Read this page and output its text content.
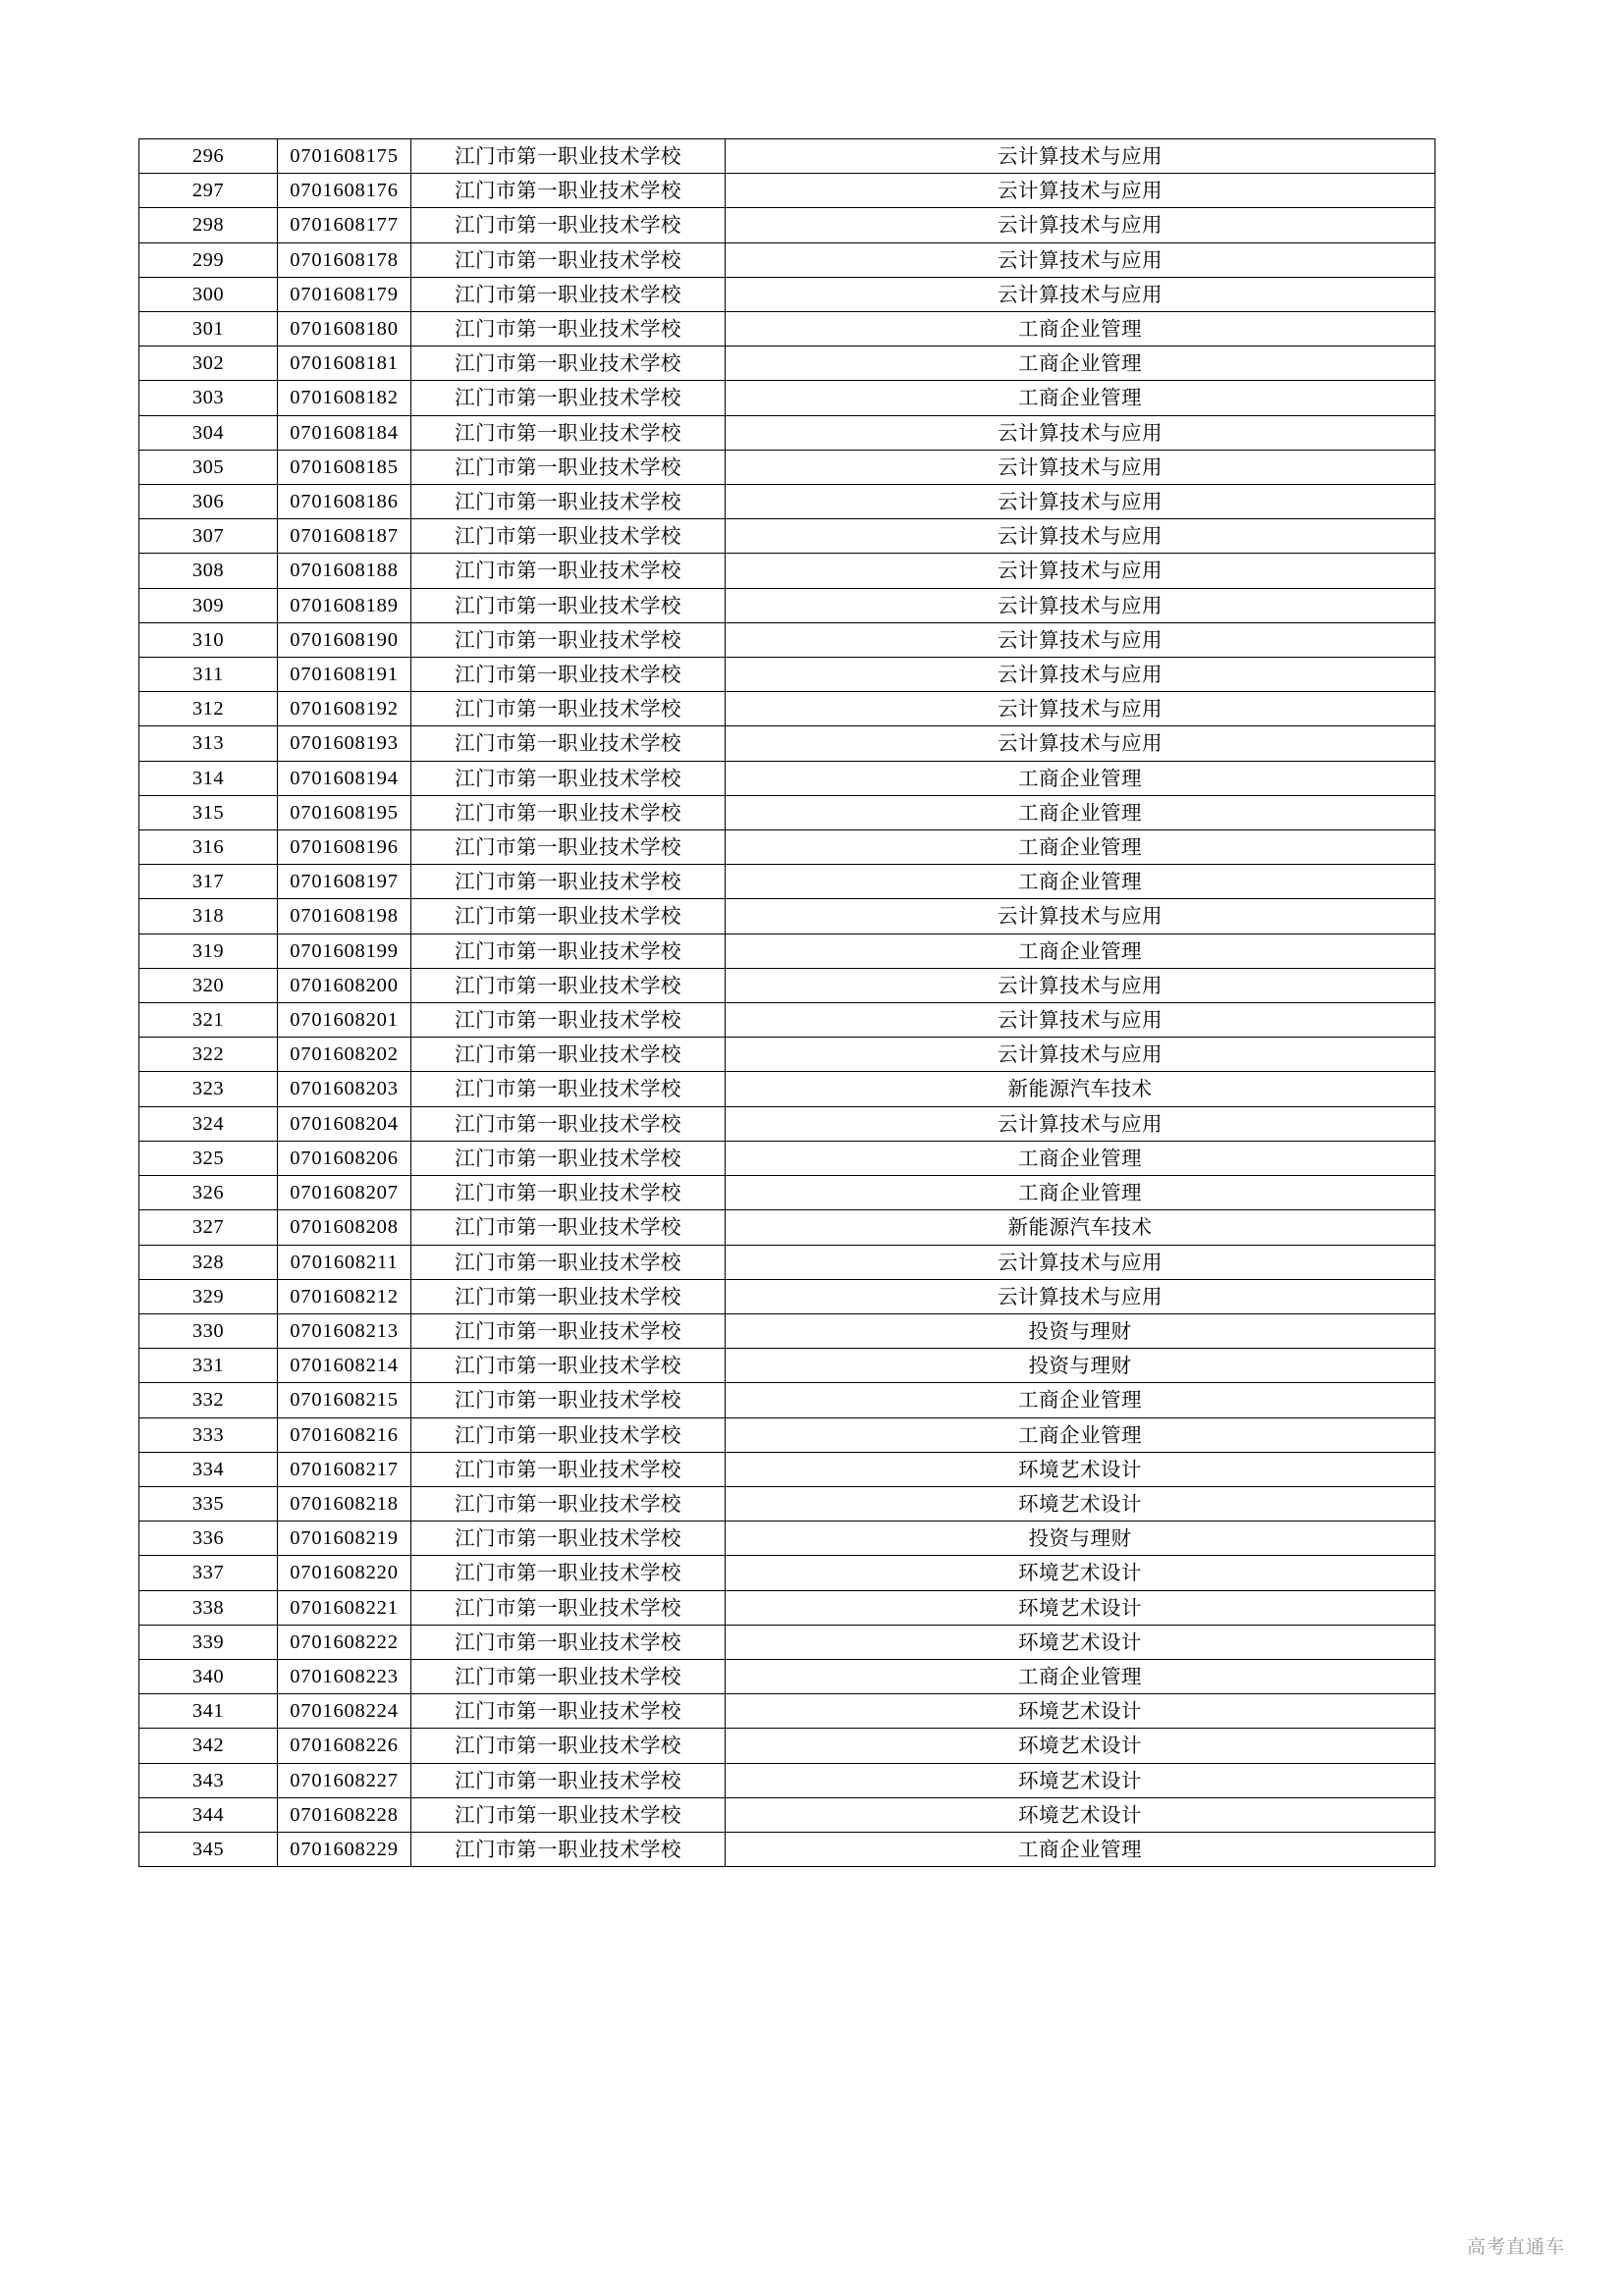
296	0701608175	江门市第一职业技术学校	云计算技术与应用
297	0701608176	江门市第一职业技术学校	云计算技术与应用
298	0701608177	江门市第一职业技术学校	云计算技术与应用
299	0701608178	江门市第一职业技术学校	云计算技术与应用
300	0701608179	江门市第一职业技术学校	云计算技术与应用
301	0701608180	江门市第一职业技术学校	工商企业管理
302	0701608181	江门市第一职业技术学校	工商企业管理
303	0701608182	江门市第一职业技术学校	工商企业管理
304	0701608184	江门市第一职业技术学校	云计算技术与应用
305	0701608185	江门市第一职业技术学校	云计算技术与应用
306	0701608186	江门市第一职业技术学校	云计算技术与应用
307	0701608187	江门市第一职业技术学校	云计算技术与应用
308	0701608188	江门市第一职业技术学校	云计算技术与应用
309	0701608189	江门市第一职业技术学校	云计算技术与应用
310	0701608190	江门市第一职业技术学校	云计算技术与应用
311	0701608191	江门市第一职业技术学校	云计算技术与应用
312	0701608192	江门市第一职业技术学校	云计算技术与应用
313	0701608193	江门市第一职业技术学校	云计算技术与应用
314	0701608194	江门市第一职业技术学校	工商企业管理
315	0701608195	江门市第一职业技术学校	工商企业管理
316	0701608196	江门市第一职业技术学校	工商企业管理
317	0701608197	江门市第一职业技术学校	工商企业管理
318	0701608198	江门市第一职业技术学校	云计算技术与应用
319	0701608199	江门市第一职业技术学校	工商企业管理
320	0701608200	江门市第一职业技术学校	云计算技术与应用
321	0701608201	江门市第一职业技术学校	云计算技术与应用
322	0701608202	江门市第一职业技术学校	云计算技术与应用
323	0701608203	江门市第一职业技术学校	新能源汽车技术
324	0701608204	江门市第一职业技术学校	云计算技术与应用
325	0701608206	江门市第一职业技术学校	工商企业管理
326	0701608207	江门市第一职业技术学校	工商企业管理
327	0701608208	江门市第一职业技术学校	新能源汽车技术
328	0701608211	江门市第一职业技术学校	云计算技术与应用
329	0701608212	江门市第一职业技术学校	云计算技术与应用
330	0701608213	江门市第一职业技术学校	投资与理财
331	0701608214	江门市第一职业技术学校	投资与理财
332	0701608215	江门市第一职业技术学校	工商企业管理
333	0701608216	江门市第一职业技术学校	工商企业管理
334	0701608217	江门市第一职业技术学校	环境艺术设计
335	0701608218	江门市第一职业技术学校	环境艺术设计
336	0701608219	江门市第一职业技术学校	投资与理财
337	0701608220	江门市第一职业技术学校	环境艺术设计
338	0701608221	江门市第一职业技术学校	环境艺术设计
339	0701608222	江门市第一职业技术学校	环境艺术设计
340	0701608223	江门市第一职业技术学校	工商企业管理
341	0701608224	江门市第一职业技术学校	环境艺术设计
342	0701608226	江门市第一职业技术学校	环境艺术设计
343	0701608227	江门市第一职业技术学校	环境艺术设计
344	0701608228	江门市第一职业技术学校	环境艺术设计
345	0701608229	江门市第一职业技术学校	工商企业管理
高考直通车
